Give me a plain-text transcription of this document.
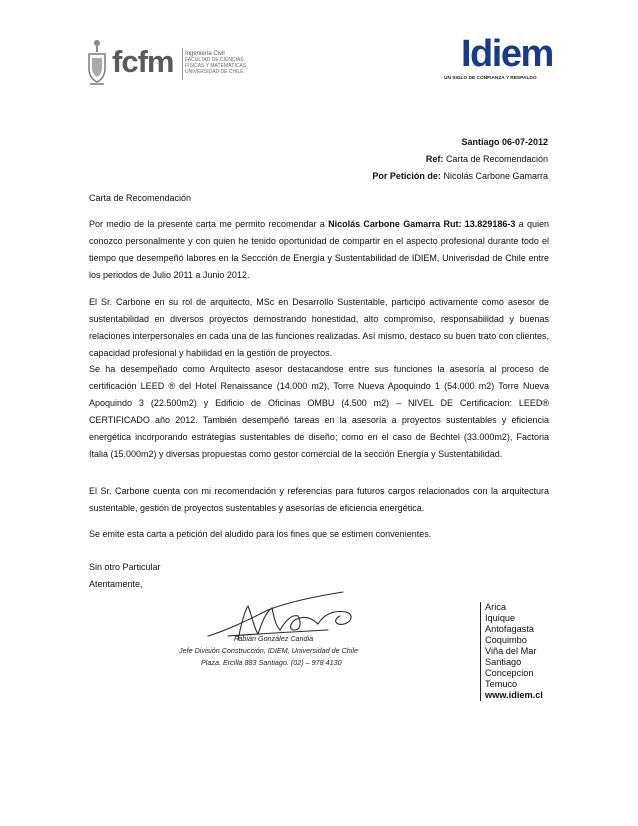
fcfm Ingeniería Civil
FACULTAD DE CIENCIAS
FÍSICAS Y MATEMÁTICAS
UNIVERSIDAD DE CHILE	Idiem
UN SIGLO DE CONFIANZA Y RESPALDO
Santiago 06-07-2012
Ref: Carta de Recomendación
Por Petición de: Nicolás Carbone Gamarra

Carta de Recomendación

Por medio de la presente carta me permito recomendar a Nicolás Carbone Gamarra Rut: 13.829186-3 a quien conozco personalmente y con quien he tenido oportunidad de compartir en el aspecto profesional durante todo el tiempo que desempeñó labores en la Seccción de Energía y Sustentabilidad de IDIEM, Univerisdad de Chile entre los periodos de Julio 2011 a Junio 2012.

El Sr. Carbone en su rol de arquitecto, MSc en Desarrollo Sustentable, participó activamente como asesor de sustentabilidad en diversos proyectos demostrando honestidad, alto compromiso, responsabilidad y buenas relaciones interpersonales en cada una de las funciones realizadas. Así mismo, destaco su buen trato con clientes, capacidad profesional y habilidad en la gestión de proyectos.

Se ha desempeñado como Arquitecto asesor destacandose entre sus funciones la asesoría al proceso de certificación LEED ® del Hotel Renaissance (14.000 m2), Torre Nueva Apoquindo 1 (54.000 m2) Torre Nueva Apoquindo 3 (22.500m2) y Edificio de Oficinas OMBU (4.500 m2) – NIVEL DE Certificacion: LEED® CERTIFICADO año 2012. También desempeñó tareas en la asesoría a proyectos sustentables y eficiencia energética incorporando estrátegias sustentables de diseño; como en el caso de Bechtel (33.000m2), Factoria Italia (15.000m2) y diversas propuestas como gestor comercial de la sección Energía y Sustentabilidad.

El Sr. Carbone cuenta con mi recomendación y referencias para futuros cargos relacionados con la arquitectura sustentable, gestión de proyectos sustentables y asesorías de eficiencia energética.

Se emite esta carta a petición del aludido para los fines que se estimen convenientes.

Sin otro Particular
Atentamente,
Fabián González Candia
Jefe División Construcción, IDIEM, Universidad de Chile
Plaza. Ercilla 883 Santiago. (02) – 978 4130
Arica
Iquique
Antofagasta
Coquimbo
Viña del Mar
Santiago
Concepcion
Temuco
www.idiem.cl
